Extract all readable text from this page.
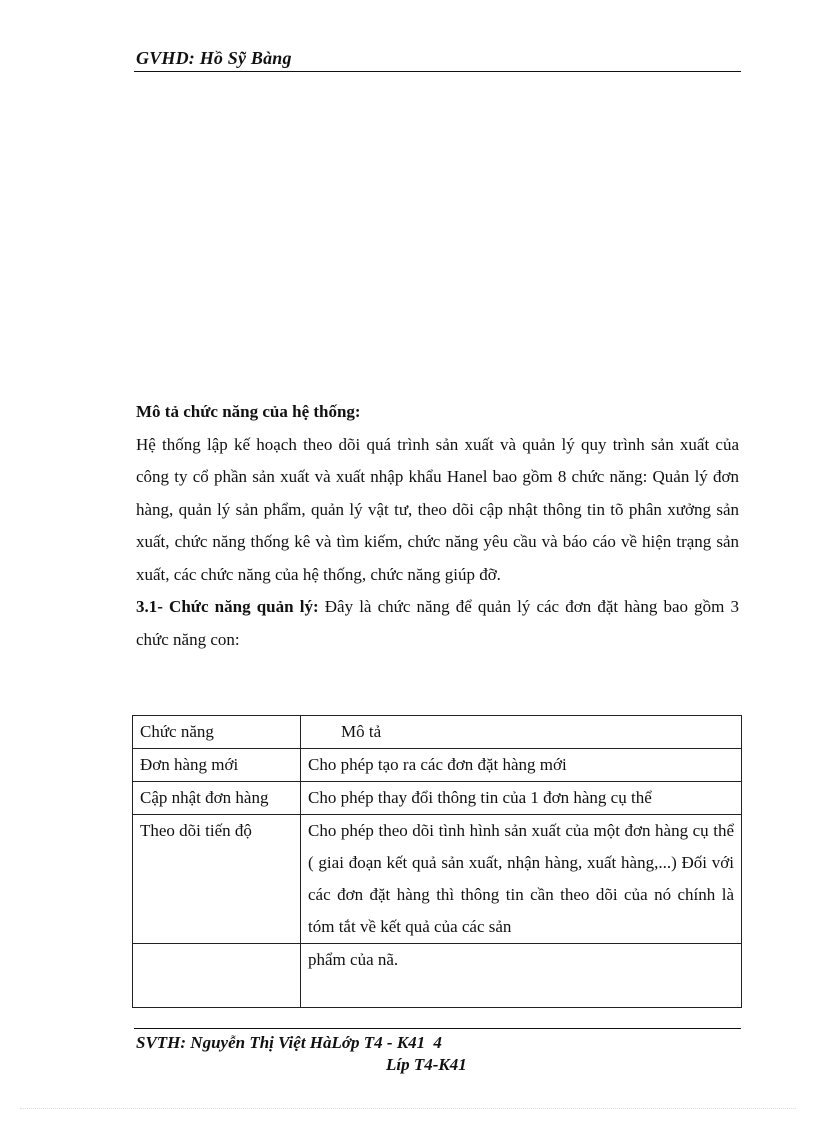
GVHD: Hồ Sỹ Bàng

Mô tả chức năng của hệ thống:

Hệ thống lập kế hoạch theo dõi quá trình sản xuất và quản lý quy trình sản xuất của công ty cổ phần sản xuất và xuất nhập khẩu Hanel bao gồm 8 chức năng: Quản lý đơn hàng, quản lý sản phẩm, quản lý vật tư, theo dõi cập nhật thông tin tõ phân xưởng sản xuất, chức năng thống kê và tìm kiếm, chức năng yêu cầu và báo cáo về hiện trạng sản xuất, các chức năng của hệ thống, chức năng giúp đỡ.

3.1- Chức năng quản lý: Đây là chức năng để quản lý các đơn đặt hàng bao gồm 3 chức năng con:

Chức năng	Mô tả
Đơn hàng mới	Cho phép tạo ra các đơn đặt hàng mới
Cập nhật đơn hàng	Cho phép thay đổi thông tin của 1 đơn hàng cụ thể
Theo dõi tiến độ	Cho phép theo dõi tình hình sản xuất của một đơn hàng cụ thể ( giai đoạn kết quả sản xuất, nhận hàng, xuất hàng,...) Đối với các đơn đặt hàng thì thông tin cần theo dõi của nó chính là tóm tắt về kết quả của các sản
	phẩm của nã.
SVTH: Nguyễn Thị Việt HàLớp T4 - K41 4
Líp T4-K41
